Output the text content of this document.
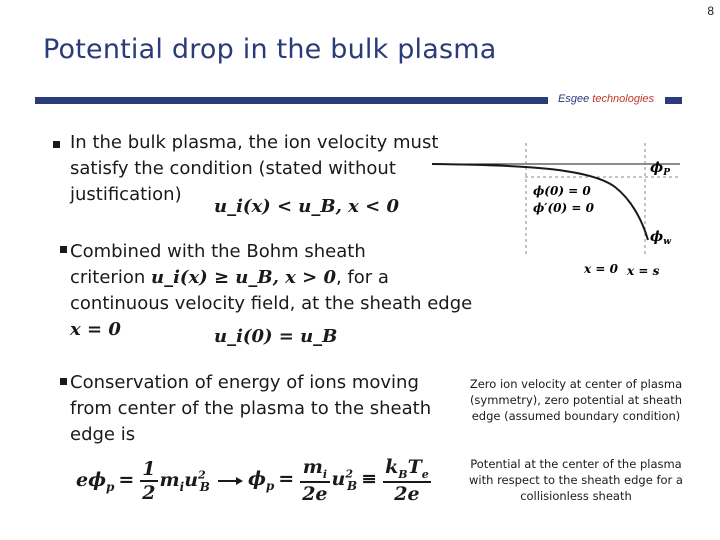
8
Potential drop in the bulk plasma
Esgee technologies
In the bulk plasma, the ion velocity must
satisfy the condition (stated without
justification)
u_i(x) < u_B, x < 0
Combined with the Bohm sheath
criterion u_i(x) ≥ u_B, x > 0, for a
continuous velocity field, at the sheath edge
x = 0	u_i(0) = u_B
Conservation of energy of ions moving
from center of the plasma to the sheath
edge is
$e\phi_p = \frac{1}{2} m_iu^2_B$ $\phi_p = \frac{m_i}{2e} u^2_B \equiv \frac{k_BT_e}{2e}$
$\phi_P$
ϕ(0) = 0
ϕ′(0) = 0
$\phi_w$
x = 0 x = s
Zero ion velocity at center of plasma
(symmetry), zero potential at sheath
edge (assumed boundary condition)
Potential at the center of the plasma
with respect to the sheath edge for a
collisionless sheath
